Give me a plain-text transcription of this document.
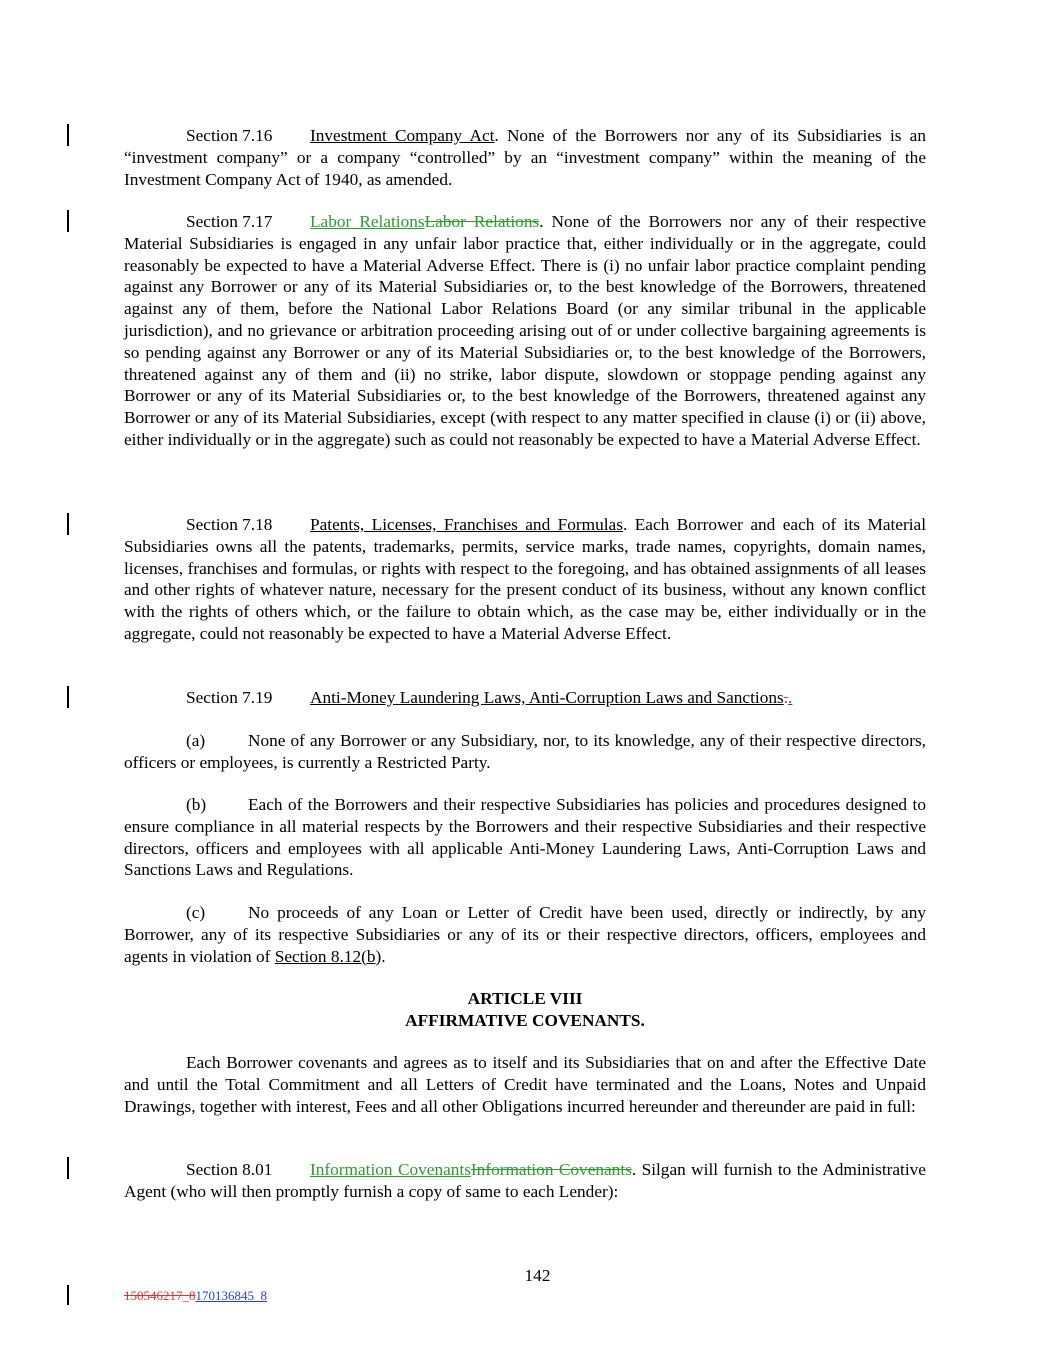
Section 7.16 Investment Company Act. None of the Borrowers nor any of its Subsidiaries is an “investment company” or a company “controlled” by an “investment company” within the meaning of the Investment Company Act of 1940, as amended.
Section 7.17 Labor RelationsLabor Relations. None of the Borrowers nor any of their respective Material Subsidiaries is engaged in any unfair labor practice that, either individually or in the aggregate, could reasonably be expected to have a Material Adverse Effect. There is (i) no unfair labor practice complaint pending against any Borrower or any of its Material Subsidiaries or, to the best knowledge of the Borrowers, threatened against any of them, before the National Labor Relations Board (or any similar tribunal in the applicable jurisdiction), and no grievance or arbitration proceeding arising out of or under collective bargaining agreements is so pending against any Borrower or any of its Material Subsidiaries or, to the best knowledge of the Borrowers, threatened against any of them and (ii) no strike, labor dispute, slowdown or stoppage pending against any Borrower or any of its Material Subsidiaries or, to the best knowledge of the Borrowers, threatened against any Borrower or any of its Material Subsidiaries, except (with respect to any matter specified in clause (i) or (ii) above, either individually or in the aggregate) such as could not reasonably be expected to have a Material Adverse Effect.
Section 7.18 Patents, Licenses, Franchises and Formulas. Each Borrower and each of its Material Subsidiaries owns all the patents, trademarks, permits, service marks, trade names, copyrights, domain names, licenses, franchises and formulas, or rights with respect to the foregoing, and has obtained assignments of all leases and other rights of whatever nature, necessary for the present conduct of its business, without any known conflict with the rights of others which, or the failure to obtain which, as the case may be, either individually or in the aggregate, could not reasonably be expected to have a Material Adverse Effect.
Section 7.19 Anti-Money Laundering Laws, Anti-Corruption Laws and Sanctions..
(a) None of any Borrower or any Subsidiary, nor, to its knowledge, any of their respective directors, officers or employees, is currently a Restricted Party.
(b) Each of the Borrowers and their respective Subsidiaries has policies and procedures designed to ensure compliance in all material respects by the Borrowers and their respective Subsidiaries and their respective directors, officers and employees with all applicable Anti-Money Laundering Laws, Anti-Corruption Laws and Sanctions Laws and Regulations.
(c) No proceeds of any Loan or Letter of Credit have been used, directly or indirectly, by any Borrower, any of its respective Subsidiaries or any of its or their respective directors, officers, employees and agents in violation of Section 8.12(b).
ARTICLE VIII
AFFIRMATIVE COVENANTS.
Each Borrower covenants and agrees as to itself and its Subsidiaries that on and after the Effective Date and until the Total Commitment and all Letters of Credit have terminated and the Loans, Notes and Unpaid Drawings, together with interest, Fees and all other Obligations incurred hereunder and thereunder are paid in full:
Section 8.01 Information CovenantsInformation Covenants. Silgan will furnish to the Administrative Agent (who will then promptly furnish a copy of same to each Lender):
142
150546217_8170136845_8
